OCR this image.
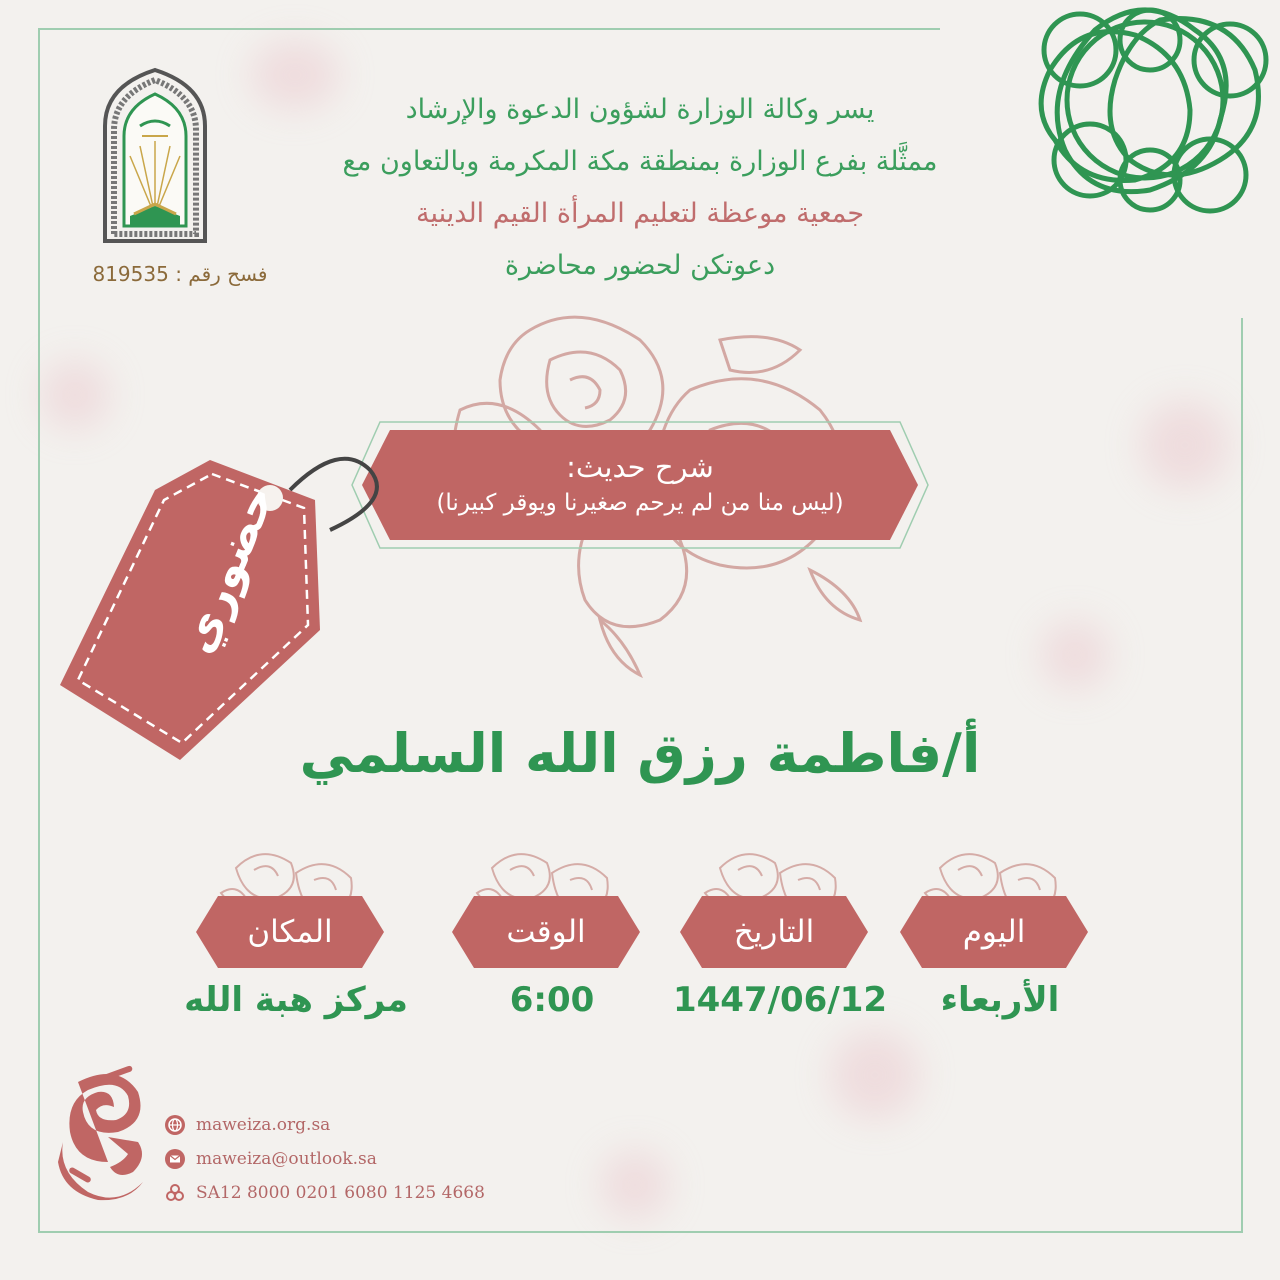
يسر وكالة الوزارة لشؤون الدعوة والإرشاد
ممثَّلة بفرع الوزارة بمنطقة مكة المكرمة وبالتعاون مع
جمعية موعظة لتعليم المرأة القيم الدينية
دعوتكن لحضور محاضرة
فسح رقم : 819535
شرح حديث:
(ليس منا من لم يرحم صغيرنا ويوقر كبيرنا)
حضوري
أ/فاطمة رزق الله السلمي
اليوم
الأربعاء
التاريخ
1447/06/12
الوقت
6:00
المكان
مركز هبة الله
maweiza.org.sa
maweiza@outlook.sa
SA12 8000 0201 6080 1125 4668
